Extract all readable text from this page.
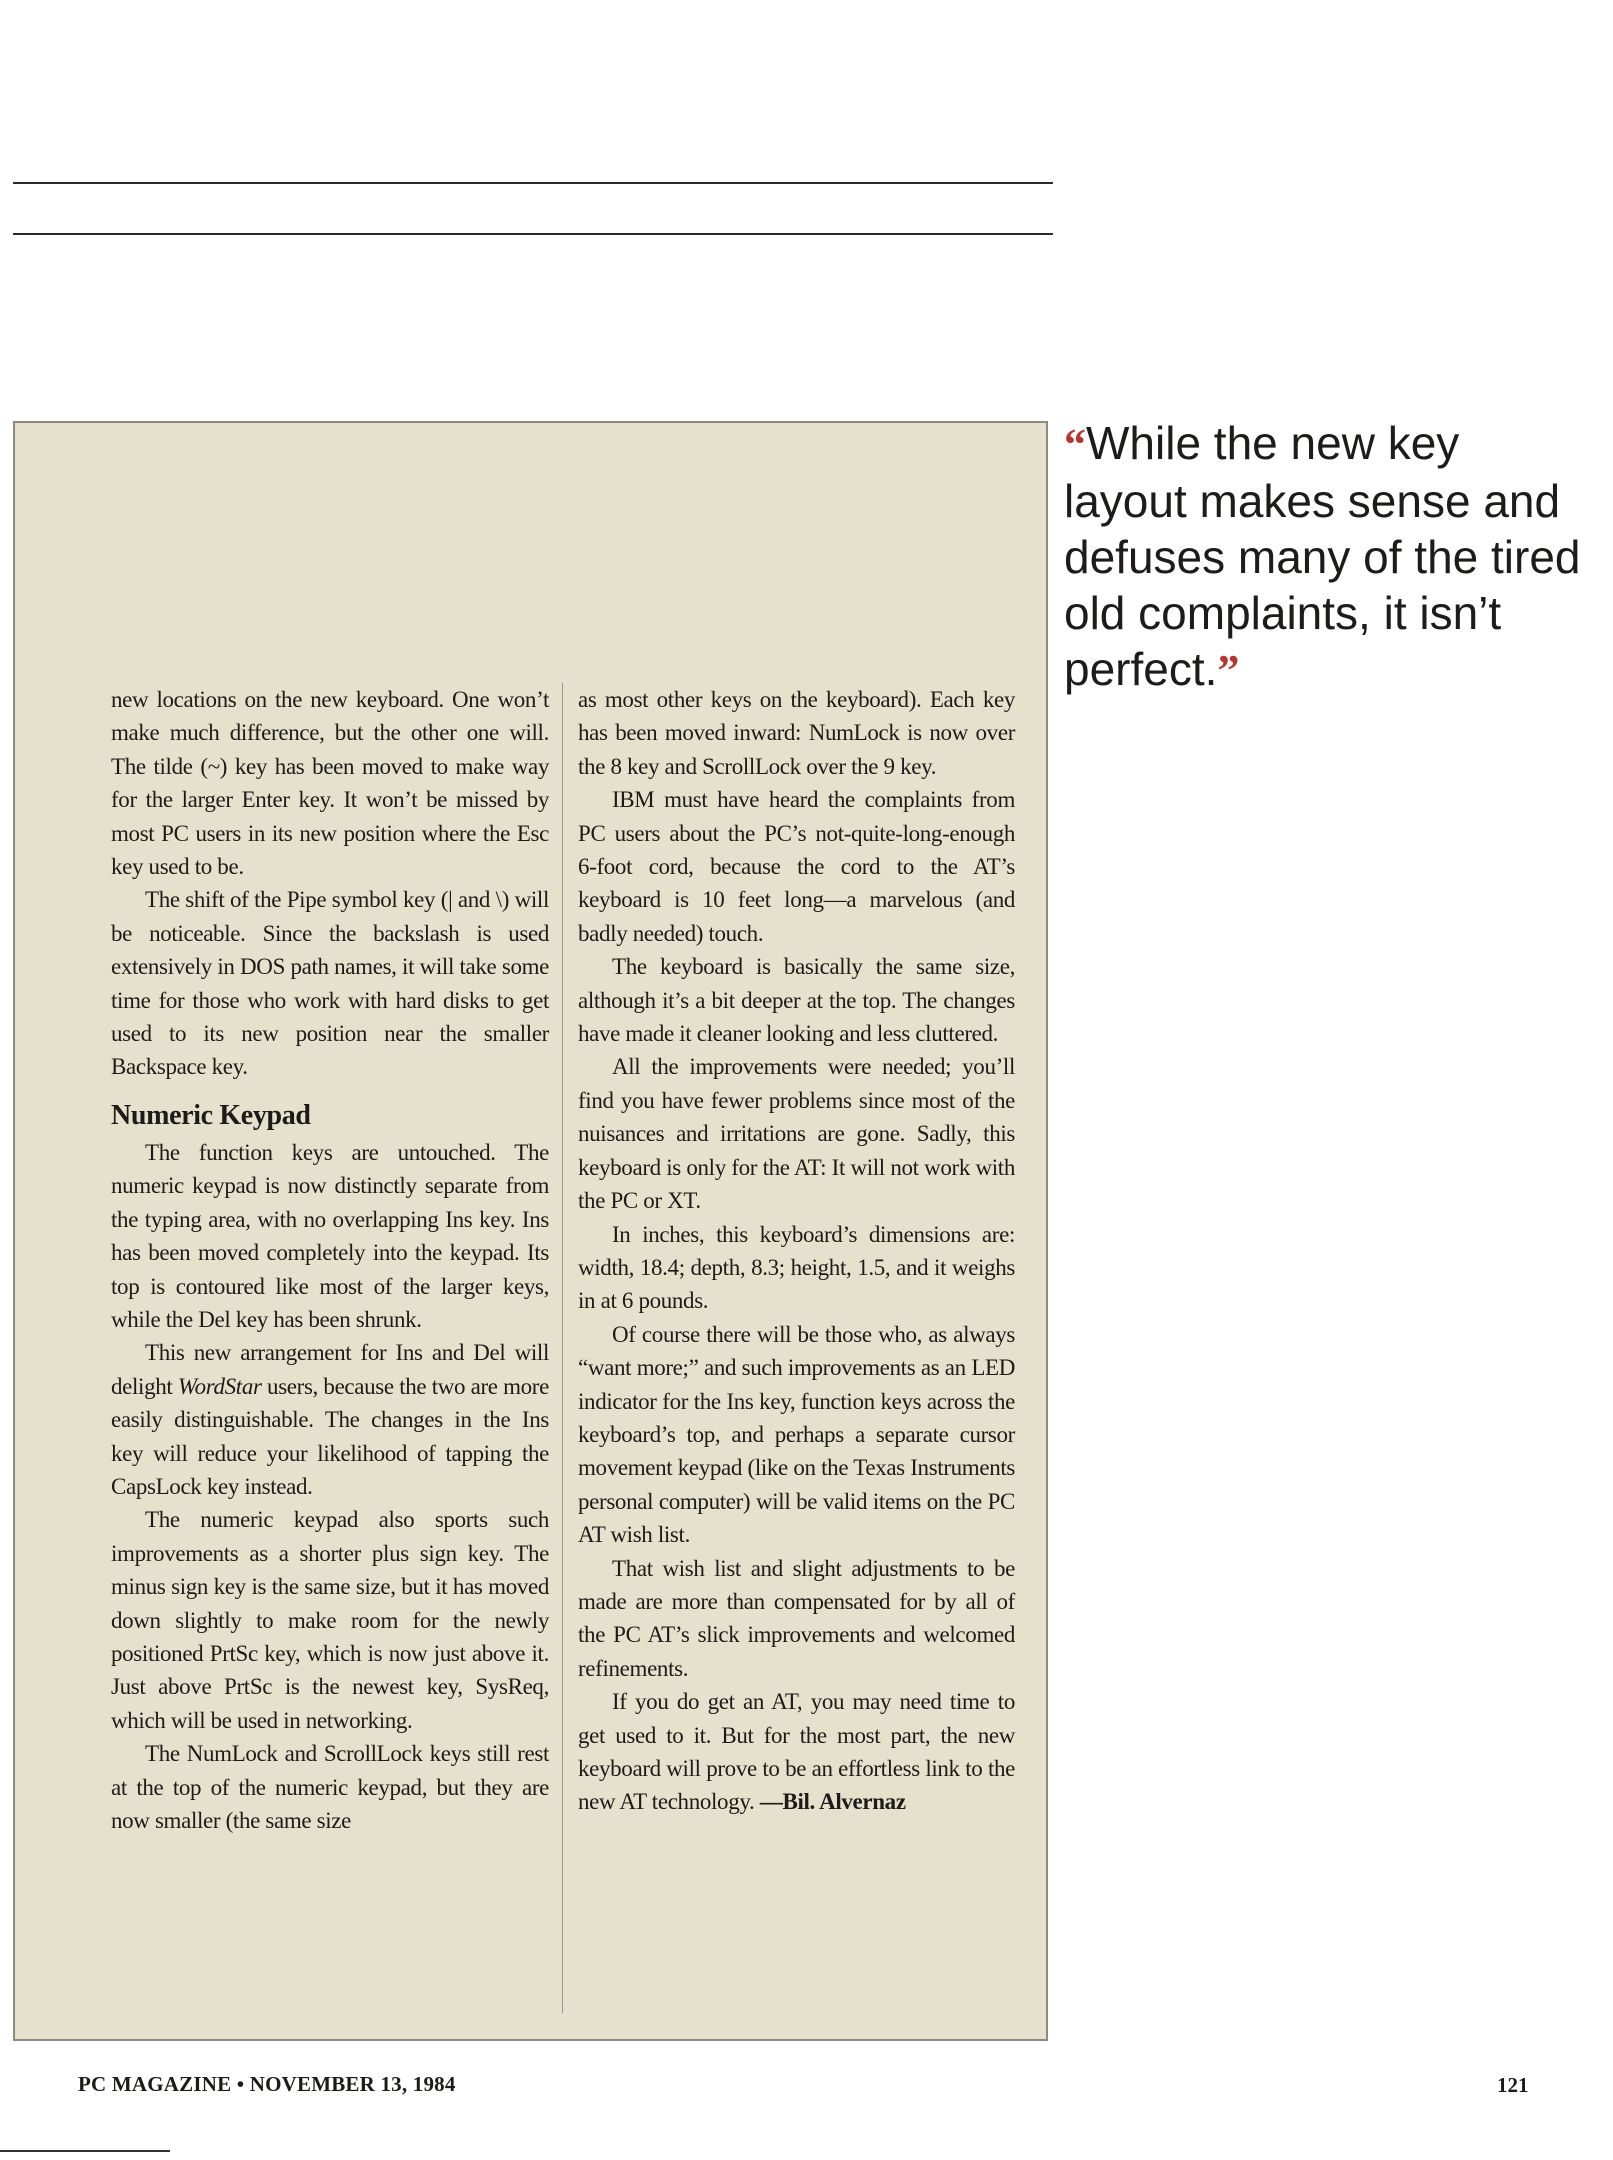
new locations on the new keyboard. One won’t make much difference, but the other one will. The tilde (~) key has been moved to make way for the larger Enter key. It won’t be missed by most PC users in its new position where the Esc key used to be.

The shift of the Pipe symbol key (| and \) will be noticeable. Since the backslash is used extensively in DOS path names, it will take some time for those who work with hard disks to get used to its new position near the smaller Backspace key.

Numeric Keypad

The function keys are untouched. The numeric keypad is now distinctly separate from the typing area, with no overlapping Ins key. Ins has been moved completely into the keypad. Its top is contoured like most of the larger keys, while the Del key has been shrunk.

This new arrangement for Ins and Del will delight WordStar users, because the two are more easily distinguishable. The changes in the Ins key will reduce your likelihood of tapping the CapsLock key instead.

The numeric keypad also sports such improvements as a shorter plus sign key. The minus sign key is the same size, but it has moved down slightly to make room for the newly positioned PrtSc key, which is now just above it. Just above PrtSc is the newest key, SysReq, which will be used in networking.

The NumLock and ScrollLock keys still rest at the top of the numeric keypad, but they are now smaller (the same size

as most other keys on the keyboard). Each key has been moved inward: NumLock is now over the 8 key and ScrollLock over the 9 key.

IBM must have heard the complaints from PC users about the PC’s not-quite-long-enough 6-foot cord, because the cord to the AT’s keyboard is 10 feet long—a marvelous (and badly needed) touch.

The keyboard is basically the same size, although it’s a bit deeper at the top. The changes have made it cleaner looking and less cluttered.

All the improvements were needed; you’ll find you have fewer problems since most of the nuisances and irritations are gone. Sadly, this keyboard is only for the AT: It will not work with the PC or XT.

In inches, this keyboard’s dimensions are: width, 18.4; depth, 8.3; height, 1.5, and it weighs in at 6 pounds.

Of course there will be those who, as always “want more;” and such improvements as an LED indicator for the Ins key, function keys across the keyboard’s top, and perhaps a separate cursor movement keypad (like on the Texas Instruments personal computer) will be valid items on the PC AT wish list.

That wish list and slight adjustments to be made are more than compensated for by all of the PC AT’s slick improvements and welcomed refinements.

If you do get an AT, you may need time to get used to it. But for the most part, the new keyboard will prove to be an effortless link to the new AT technology. —Bil. Alvernaz

“While the new key layout makes sense and defuses many of the tired old complaints, it isn’t perfect.”
PC MAGAZINE • NOVEMBER 13, 1984	121
